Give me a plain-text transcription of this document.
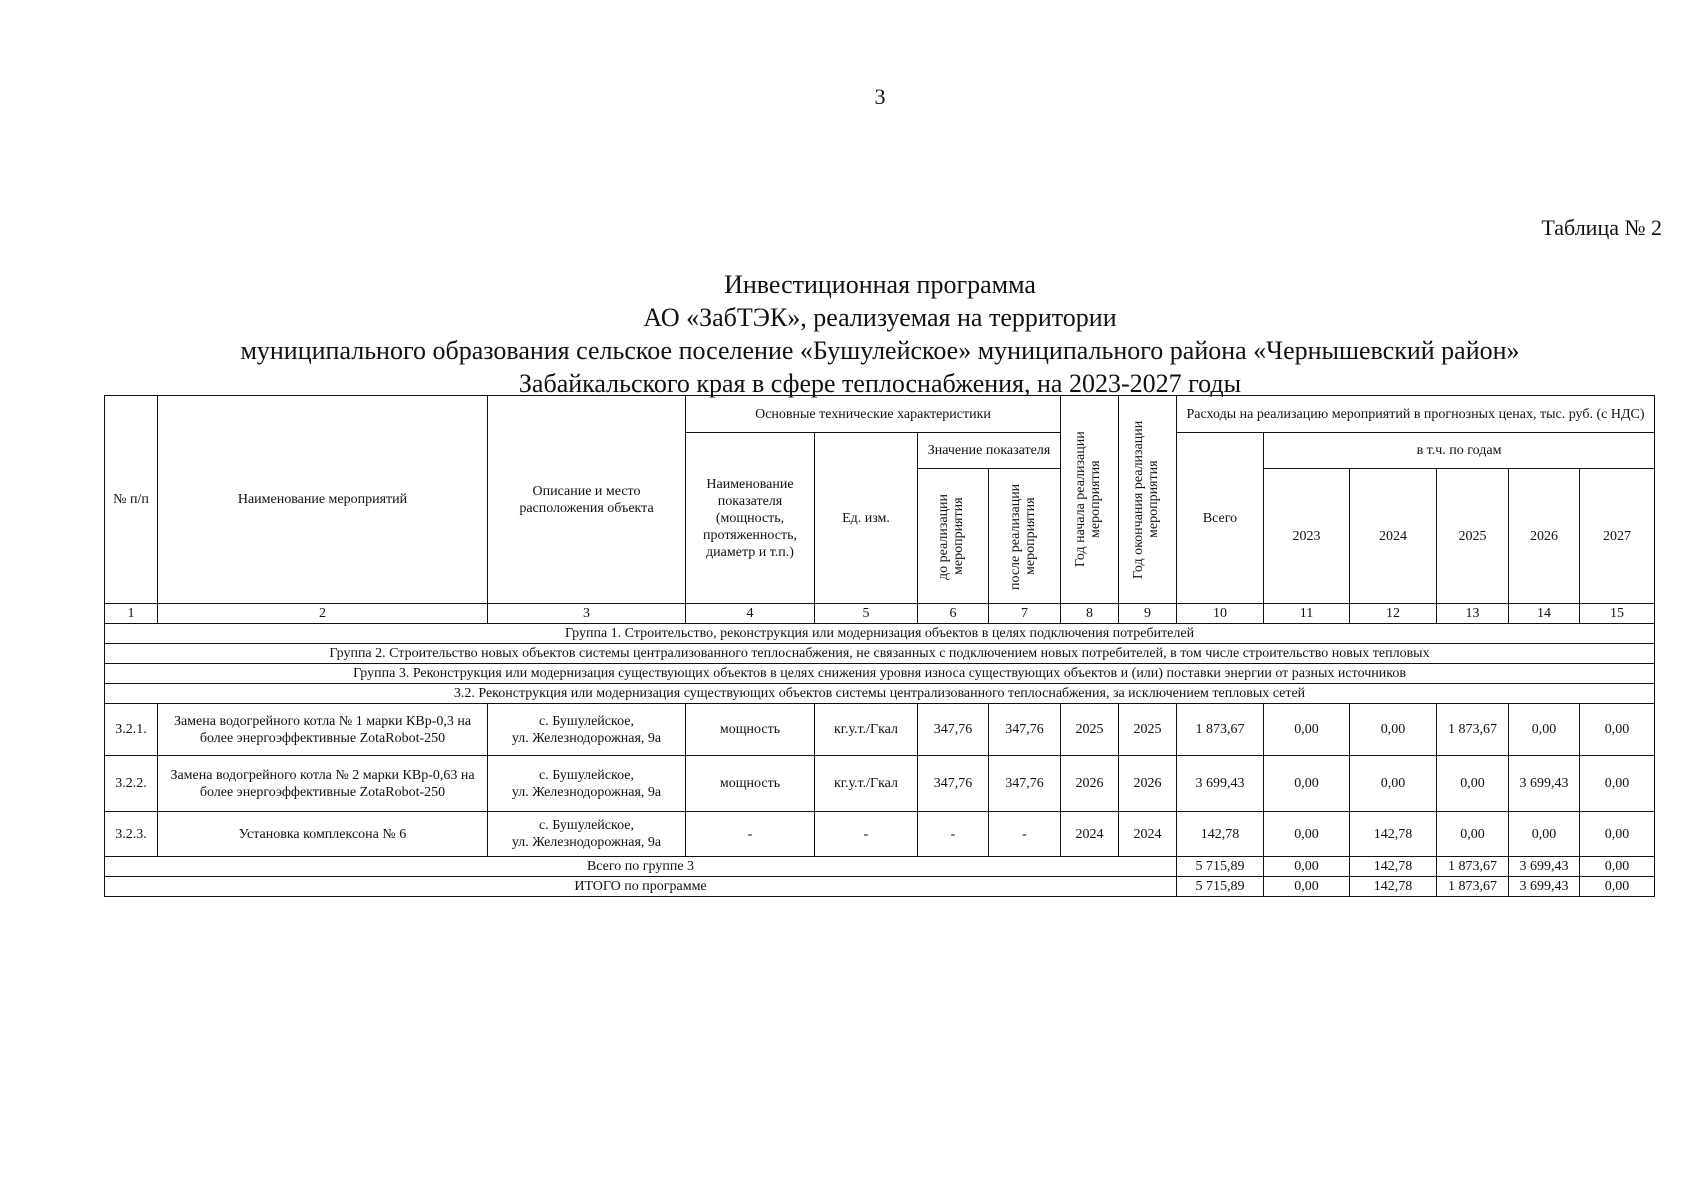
3
Таблица № 2
Инвестиционная программа
АО «ЗабТЭК», реализуемая на территории
муниципального образования сельское поселение «Бушулейское» муниципального района «Чернышевский район»
Забайкальского края в сфере теплоснабжения, на 2023-2027 годы
№ п/п	Наименование мероприятий	Описание и место расположения объекта	Основные технические характеристики				Год начала реализации мероприятия	Год окончания реализации мероприятия	Расходы на реализацию мероприятий в прогнозных ценах, тыс. руб. (с НДС)					
			Наименование показателя (мощность, протяженность, диаметр и т.п.)	Ед. изм.	Значение показателя				Всего	в т.ч. по годам				

					до реализации мероприятия	после реализации мероприятия				2023	2024	2025	2026	2027
1	2	3	4	5	6	7	8	9	10	11	12	13	14	15
Группа 1. Строительство, реконструкция или модернизация объектов в целях подключения потребителей														
Группа 2. Строительство новых объектов системы централизованного теплоснабжения, не связанных с подключением новых потребителей, в том числе строительство новых тепловых														
Группа 3. Реконструкция или модернизация существующих объектов в целях снижения уровня износа существующих объектов и (или) поставки энергии от разных источников														
3.2. Реконструкция или модернизация существующих объектов системы централизованного теплоснабжения, за исключением тепловых сетей														
3.2.1.	Замена водогрейного котла № 1 марки КВр-0,3 на более энергоэффективные ZotaRobot-250	с. Бушулейское,
ул. Железнодорожная, 9а	мощность	кг.у.т./Гкал	347,76	347,76	2025	2025	1 873,67	0,00	0,00	1 873,67	0,00	0,00
3.2.2.	Замена водогрейного котла № 2 марки КВр-0,63 на более энергоэффективные ZotaRobot-250	с. Бушулейское,
ул. Железнодорожная, 9а	мощность	кг.у.т./Гкал	347,76	347,76	2026	2026	3 699,43	0,00	0,00	0,00	3 699,43	0,00
3.2.3.	Установка комплексона № 6	с. Бушулейское,
ул. Железнодорожная, 9а	-	-	-	-	2024	2024	142,78	0,00	142,78	0,00	0,00	0,00
Всего по группе 3									5 715,89	0,00	142,78	1 873,67	3 699,43	0,00
ИТОГО по программе									5 715,89	0,00	142,78	1 873,67	3 699,43	0,00
